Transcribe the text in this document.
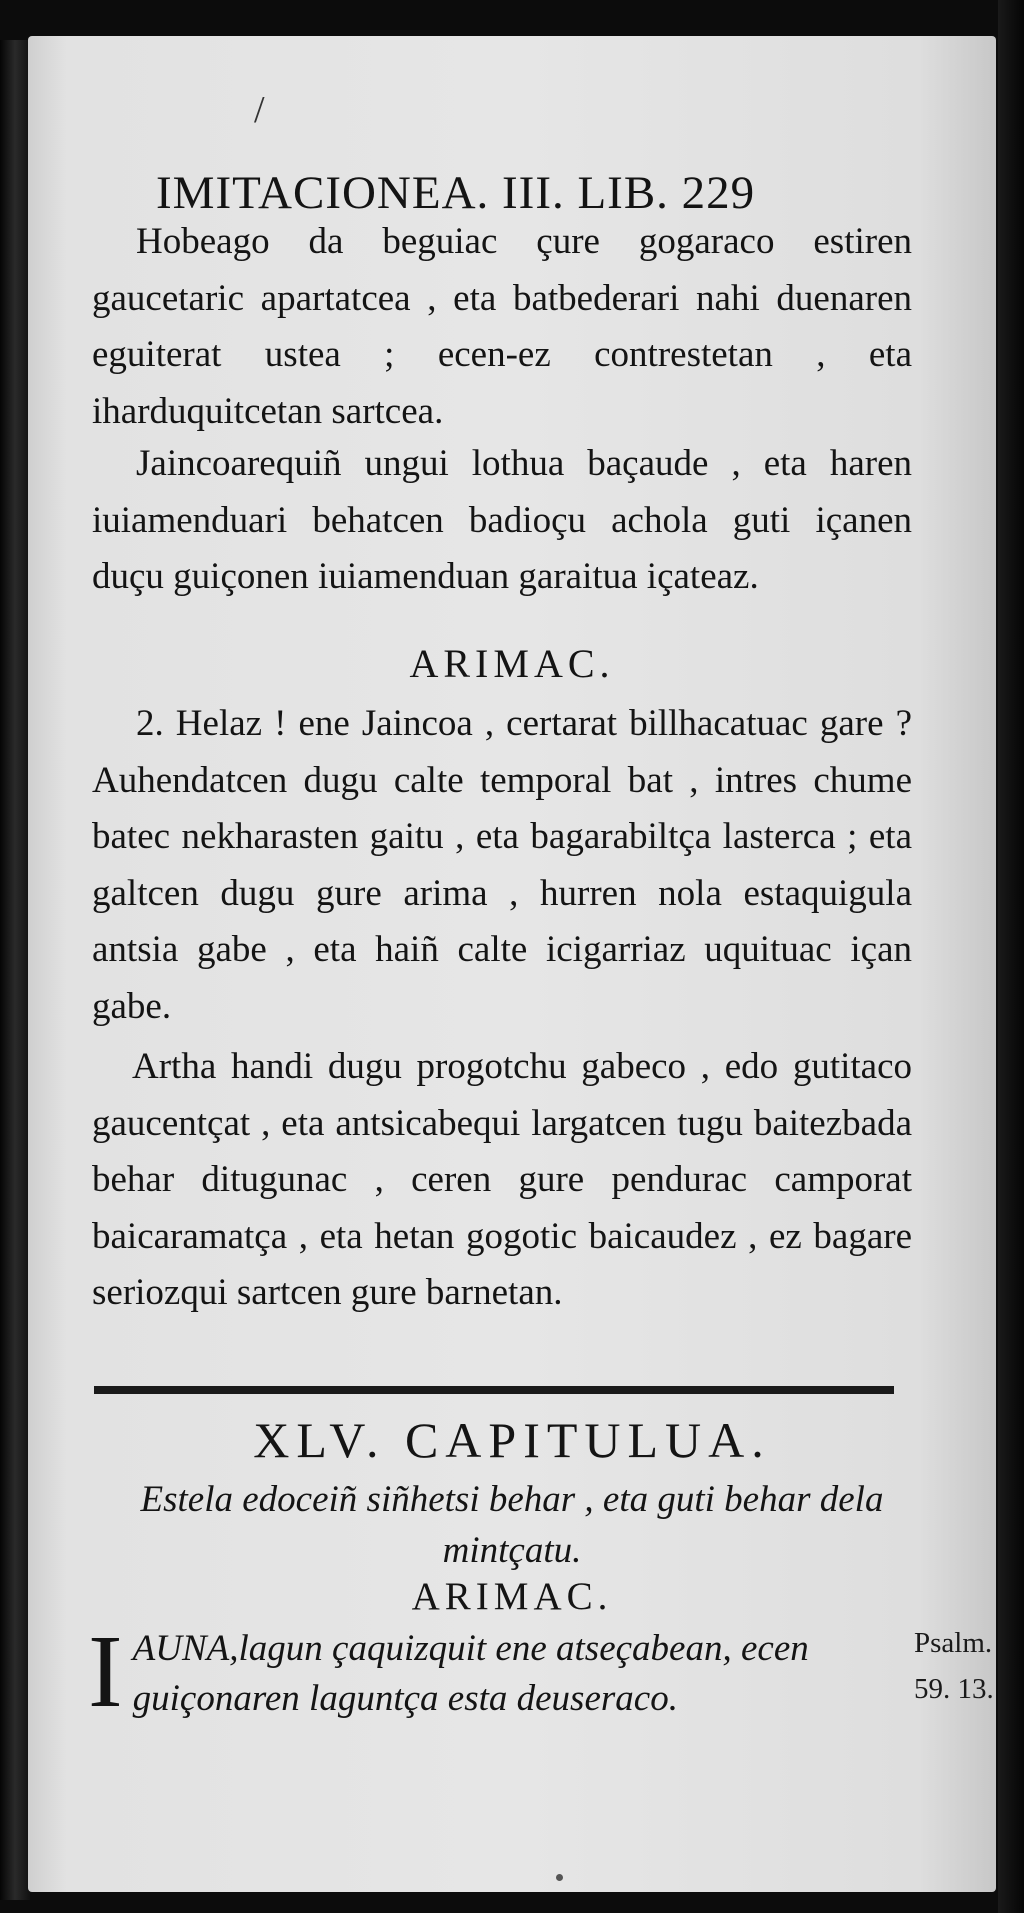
/
IMITACIONEA. III. LIB. 229
Hobeago da beguiac çure gogaraco estiren gaucetaric apartatcea , eta batbederari nahi duenaren eguiterat ustea ; ecen-ez contrestetan , eta iharduquitcetan sartcea.
Jaincoarequiñ ungui lothua baçaude , eta haren iuiamenduari behatcen badioçu achola guti içanen duçu guiçonen iuiamenduan garaitua içateaz.
ARIMAC.
2. Helaz ! ene Jaincoa , certarat billhacatuac gare ? Auhendatcen dugu calte temporal bat , intres chume batec nekharasten gaitu , eta bagarabiltça lasterca ; eta galtcen dugu gure arima , hurren nola estaquigula antsia gabe , eta haiñ calte icigarriaz uquituac içan gabe.
Artha handi dugu progotchu gabeco , edo gutitaco gaucentçat , eta antsicabequi largatcen tugu baitezbada behar ditugunac , ceren gure pendurac camporat baicaramatça , eta hetan gogotic baicaudez , ez bagare seriozqui sartcen gure barnetan.
XLV. CAPITULUA.
Estela edoceiñ siñhetsi behar , eta guti behar dela mintçatu.
ARIMAC.
I AUNA,lagun çaquizquit ene atseçabean, ecen guiçonaren laguntça esta deuseraco.
Psalm.
59. 13.
